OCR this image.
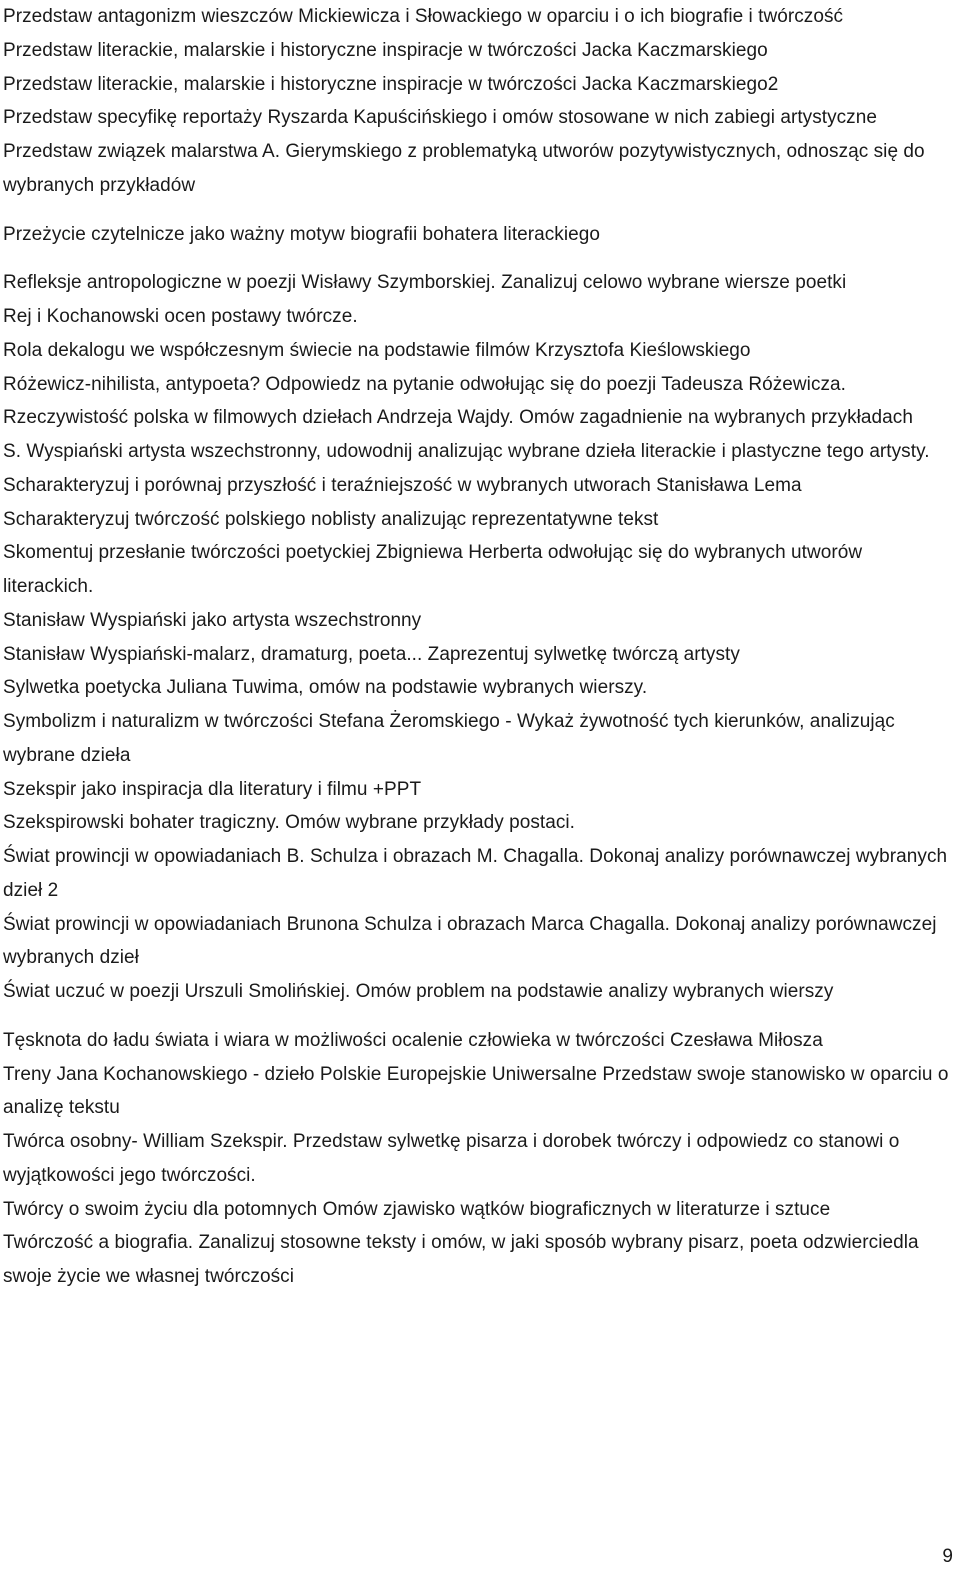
Przedstaw antagonizm wieszczów Mickiewicza i Słowackiego w oparciu i o ich biografie i twórczość
Przedstaw literackie, malarskie i historyczne inspiracje w twórczości Jacka Kaczmarskiego
Przedstaw literackie, malarskie i historyczne inspiracje w twórczości Jacka Kaczmarskiego2
Przedstaw specyfikę reportaży Ryszarda Kapuścińskiego i omów stosowane w nich zabiegi artystyczne
Przedstaw związek malarstwa A. Gierymskiego z problematyką utworów pozytywistycznych, odnosząc się do wybranych przykładów
Przeżycie czytelnicze jako ważny motyw biografii bohatera literackiego
Refleksje antropologiczne w poezji Wisławy Szymborskiej. Zanalizuj celowo wybrane wiersze poetki
Rej i Kochanowski ocen postawy twórcze.
Rola dekalogu we współczesnym świecie na podstawie filmów Krzysztofa Kieślowskiego
Różewicz-nihilista, antypoeta? Odpowiedz na pytanie odwołując się do poezji Tadeusza Różewicza.
Rzeczywistość polska w filmowych dziełach Andrzeja Wajdy. Omów zagadnienie na wybranych przykładach
S. Wyspiański artysta wszechstronny, udowodnij analizując wybrane dzieła literackie i plastyczne tego artysty.
Scharakteryzuj i porównaj przyszłość i teraźniejszość w wybranych utworach Stanisława Lema
Scharakteryzuj twórczość polskiego noblisty analizując reprezentatywne tekst
Skomentuj przesłanie twórczości poetyckiej Zbigniewa Herberta odwołując się do wybranych utworów literackich.
Stanisław Wyspiański jako artysta wszechstronny
Stanisław Wyspiański-malarz, dramaturg, poeta... Zaprezentuj sylwetkę twórczą artysty
Sylwetka poetycka Juliana Tuwima, omów na podstawie wybranych wierszy.
Symbolizm i naturalizm w twórczości Stefana Żeromskiego - Wykaż żywotność tych kierunków, analizując wybrane dzieła
Szekspir jako inspiracja dla literatury i filmu +PPT
Szekspirowski bohater tragiczny. Omów wybrane przykłady postaci.
Świat prowincji w opowiadaniach B. Schulza i obrazach M. Chagalla. Dokonaj analizy porównawczej wybranych dzieł 2
Świat prowincji w opowiadaniach Brunona Schulza i obrazach Marca Chagalla. Dokonaj analizy porównawczej wybranych dzieł
Świat uczuć w poezji Urszuli Smolińskiej. Omów problem na podstawie analizy wybranych wierszy
Tęsknota do ładu świata i wiara w możliwości ocalenie człowieka w twórczości Czesława Miłosza
Treny Jana Kochanowskiego - dzieło Polskie Europejskie Uniwersalne Przedstaw swoje stanowisko w oparciu o analizę tekstu
Twórca osobny- William Szekspir. Przedstaw sylwetkę pisarza i dorobek twórczy i odpowiedz co stanowi o wyjątkowości jego twórczości.
Twórcy o swoim życiu dla potomnych Omów zjawisko wątków biograficznych w literaturze i sztuce
Twórczość a biografia. Zanalizuj stosowne teksty i omów, w jaki sposób wybrany pisarz, poeta odzwierciedla swoje życie we własnej twórczości
9
